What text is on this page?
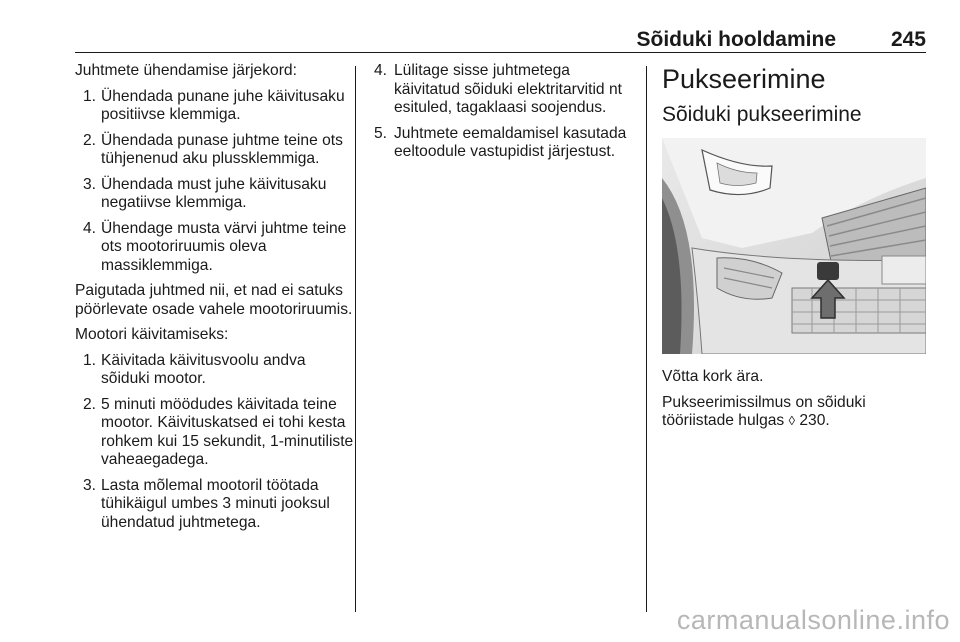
Sõiduki hooldamine	245

Juhtmete ühendamise järjekord:

1. Ühendada punane juhe käivitusaku positiivse klemmiga.
2. Ühendada punase juhtme teine ots tühjenenud aku plussklemmiga.
3. Ühendada must juhe käivitusaku negatiivse klemmiga.
4. Ühendage musta värvi juhtme teine ots mootoriruumis oleva massiklemmiga.

Paigutada juhtmed nii, et nad ei satuks pöörlevate osade vahele mootoriruumis.

Mootori käivitamiseks:

1. Käivitada käivitusvoolu andva sõiduki mootor.
2. 5 minuti möödudes käivitada teine mootor. Käivituskatsed ei tohi kesta rohkem kui 15 sekundit, 1-minutiliste vaheaegadega.
3. Lasta mõlemal mootoril töötada tühikäigul umbes 3 minuti jooksul ühendatud juhtmetega.
4. Lülitage sisse juhtmetega käivitatud sõiduki elektritarvitid nt esituled, tagaklaasi soojendus.
5. Juhtmete eemaldamisel kasutada eeltoodule vastupidist järjestust.
Pukseerimine
Sõiduki pukseerimine

Võtta kork ära.

Pukseerimissilmus on sõiduki tööriistade hulgas ◊ 230.

carmanualsonline.info
